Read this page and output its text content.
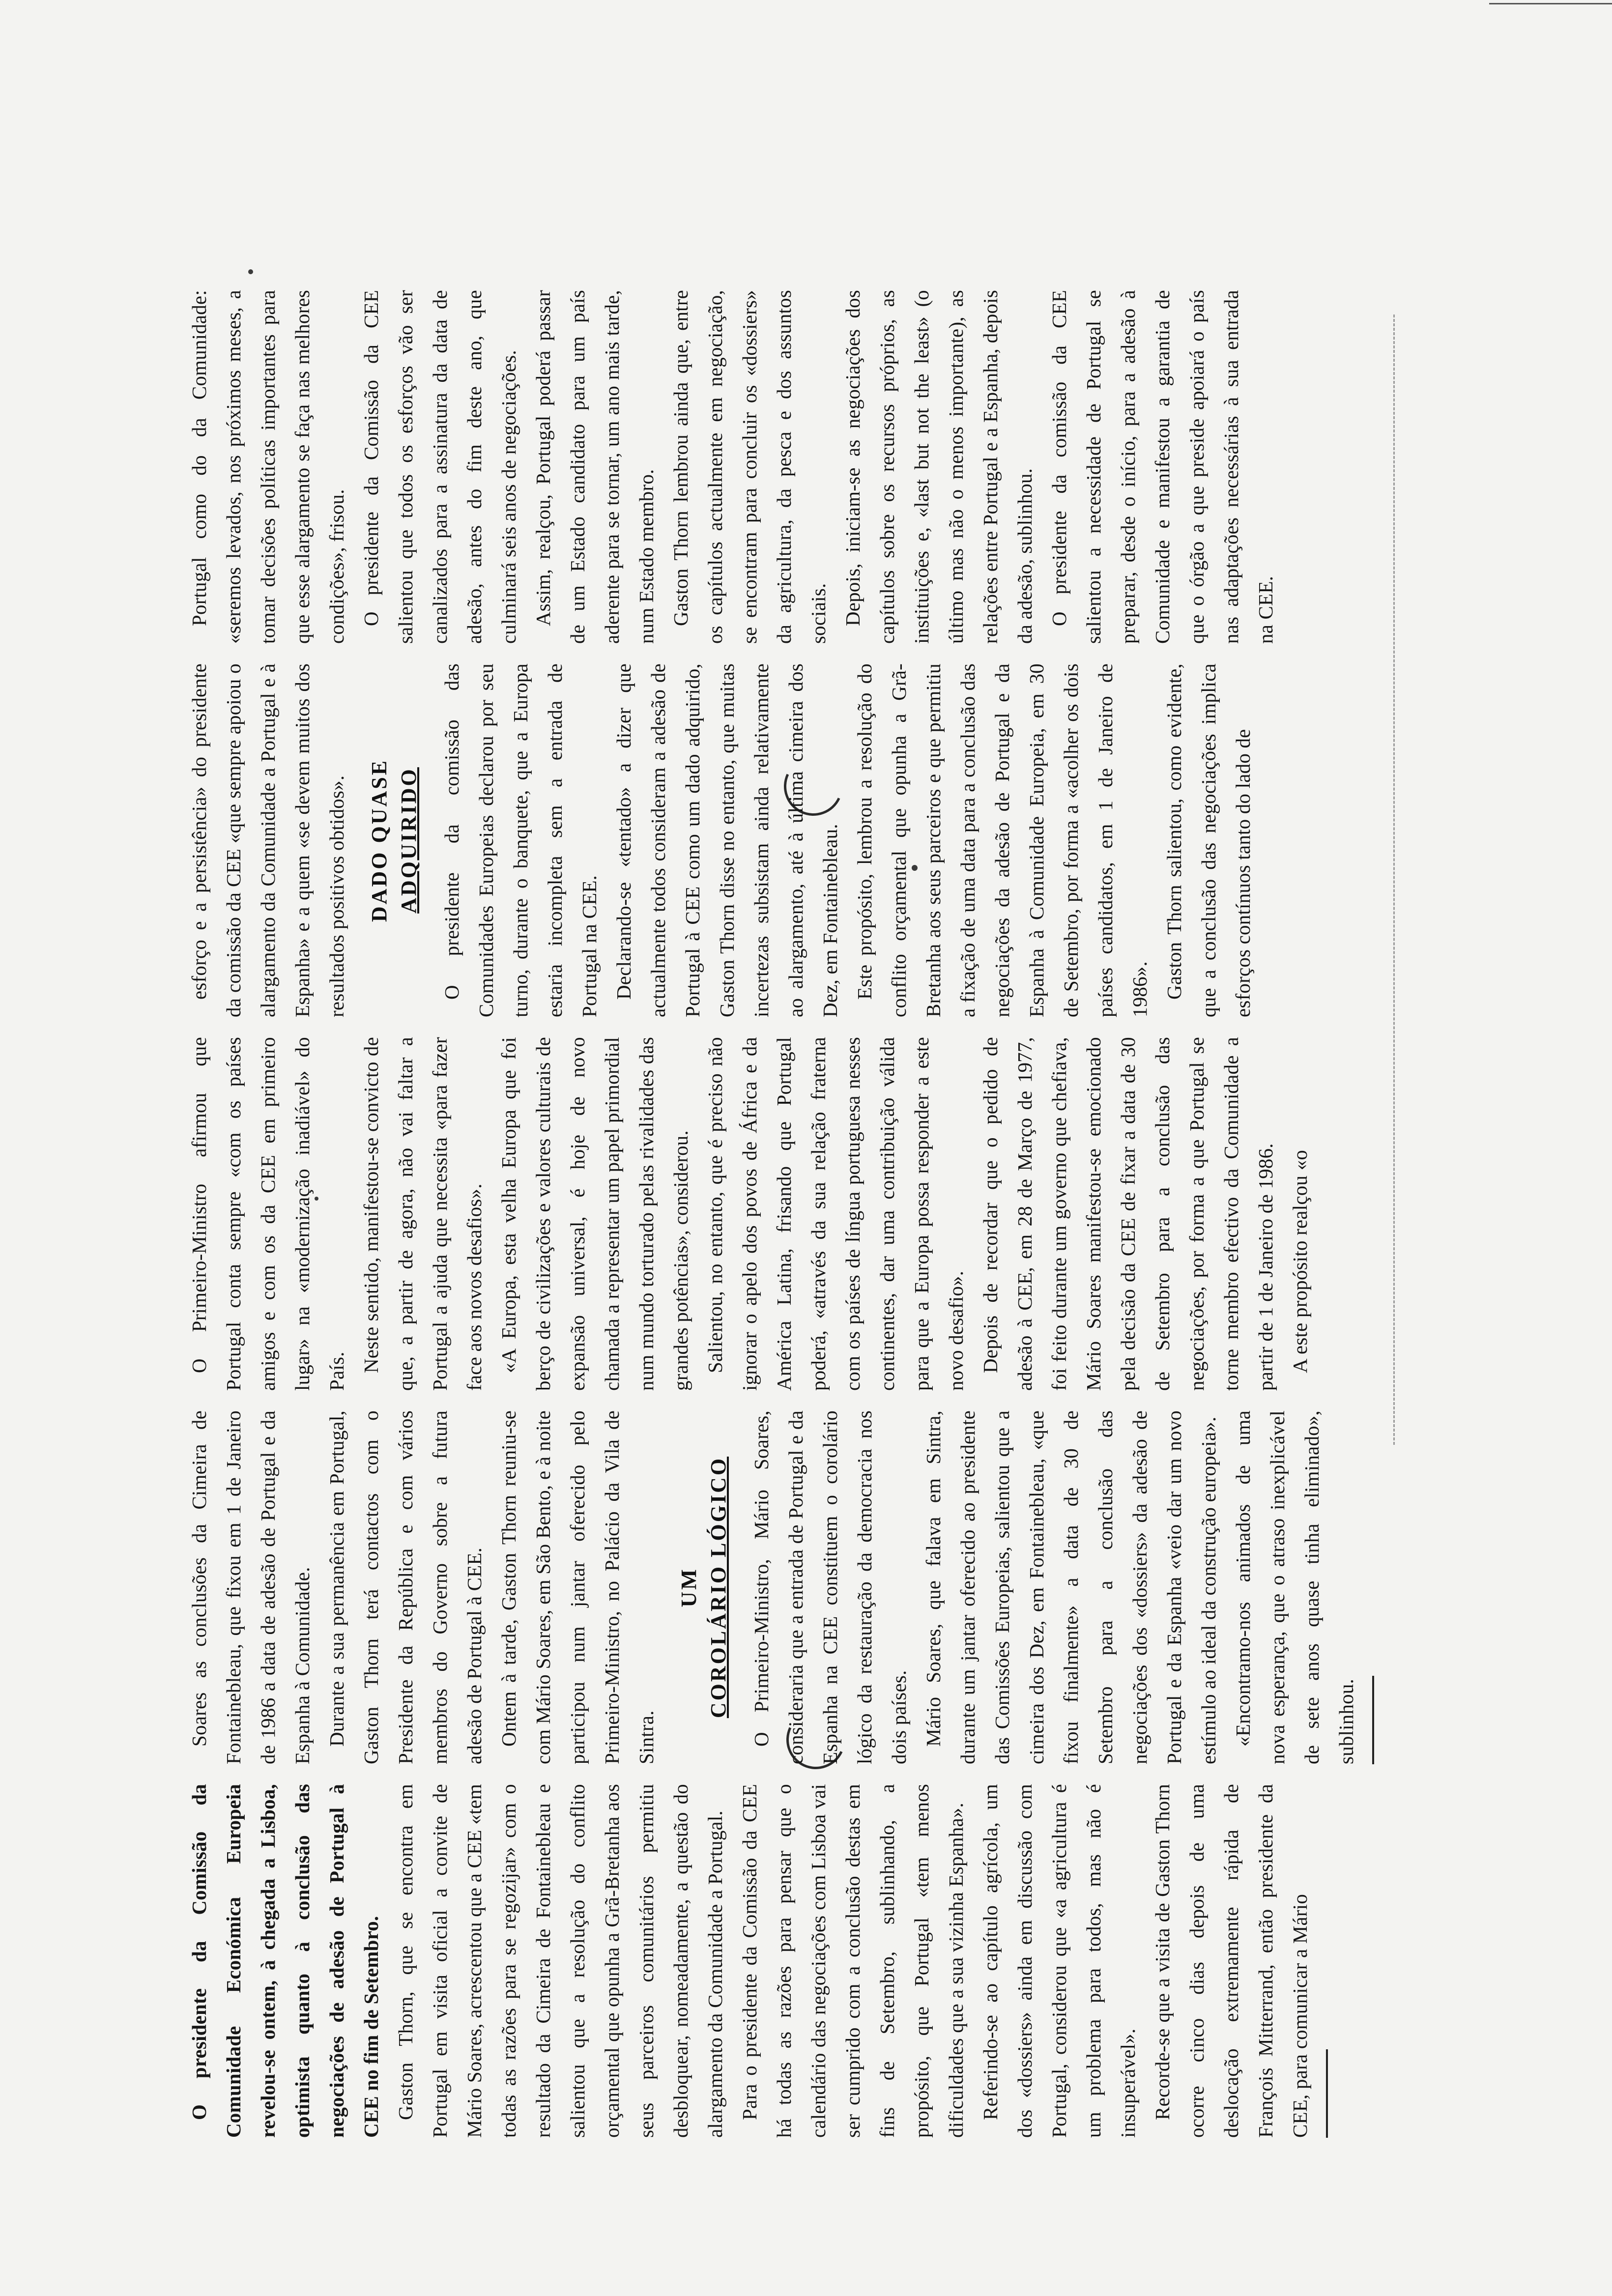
O presidente da Comissão da Comunidade Económica Europeia revelou-se ontem, à chegada a Lisboa, optimista quanto à conclusão das negociações de adesão de Portugal à CEE no fim de Setembro. Gaston Thorn, que se encontra em Portugal em visita oficial a convite de Mário Soares, acrescentou que a CEE «tem todas as razões para se regozijar» com o resultado da Cimeira de Fontainebleau e salientou que a resolução do conflito orçamental que opunha a Grã-Bretanha aos seus parceiros comunitários permitiu desbloquear, nomeadamente, a questão do alargamento da Comunidade a Portugal. Para o presidente da Comissão da CEE há todas as razões para pensar que o calendário das negociações com Lisboa vai ser cumprido com a conclusão destas em fins de Setembro, sublinhando, a propósito, que Portugal «tem menos dificuldades que a sua vizinha Espanha». Referindo-se ao capítulo agrícola, um dos «dossiers» ainda em discussão com Portugal, considerou que «a agricultura é um problema para todos, mas não é insuperável». Recorde-se que a visita de Gaston Thorn ocorre cinco dias depois de uma deslocação extremamente rápida de François Mitterrand, então presidente da CEE, para comunicar a Mário

Soares as conclusões da Cimeira de Fontainebleau, que fixou em 1 de Janeiro de 1986 a data de adesão de Portugal e da Espanha à Comunidade. Durante a sua permanência em Portugal, Gaston Thorn terá contactos com o Presidente da República e com vários membros do Governo sobre a futura adesão de Portugal à CEE. Ontem à tarde, Gaston Thorn reuniu-se com Mário Soares, em São Bento, e à noite participou num jantar oferecido pelo Primeiro-Ministro, no Palácio da Vila de Sintra.

UM COROLÁRIO LÓGICO O Primeiro-Ministro, Mário Soares, consideraria que a entrada de Portugal e da Espanha na CEE constituem o corolário lógico da restauração da democracia nos dois países. Mário Soares, que falava em Sintra, durante um jantar oferecido ao presidente das Comissões Europeias, salientou que a cimeira dos Dez, em Fontainebleau, «que fixou finalmente» a data de 30 de Setembro para a conclusão das negociações dos «dossiers» da adesão de Portugal e da Espanha «veio dar um novo estímulo ao ideal da construção europeia». «Encontramo-nos animados de uma nova esperança, que o atraso inexplicável de sete anos quase tinha eliminado», sublinhou.

O Primeiro-Ministro afirmou que Portugal conta sempre «com os países amigos e com os da CEE em primeiro lugar» na «modernização inadiável» do País. Neste sentido, manifestou-se convicto de que, a partir de agora, não vai faltar a Portugal a ajuda que necessita «para fazer face aos novos desafios». «A Europa, esta velha Europa que foi berço de civilizações e valores culturais de expansão universal, é hoje de novo chamada a representar um papel primordial num mundo torturado pelas rivalidades das grandes potências», considerou. Salientou, no entanto, que é preciso não ignorar o apelo dos povos de África e da América Latina, frisando que Portugal poderá, «através da sua relação fraterna com os países de língua portuguesa nesses continentes, dar uma contribuição válida para que a Europa possa responder a este novo desafio». Depois de recordar que o pedido de adesão à CEE, em 28 de Março de 1977, foi feito durante um governo que chefiava, Mário Soares manifestou-se emocionado pela decisão da CEE de fixar a data de 30 de Setembro para a conclusão das negociações, por forma a que Portugal se torne membro efectivo da Comunidade a partir de 1 de Janeiro de 1986. A este propósito realçou «o

esforço e a persistência» do presidente da comissão da CEE «que sempre apoiou o alargamento da Comunidade a Portugal e à Espanha» e a quem «se devem muitos dos resultados positivos obtidos». DADO QUASE ADQUIRIDO O presidente da comissão das Comunidades Europeias declarou por seu turno, durante o banquete, que a Europa estaria incompleta sem a entrada de Portugal na CEE. Declarando-se «tentado» a dizer que actualmente todos consideram a adesão de Portugal à CEE como um dado adquirido, Gaston Thorn disse no entanto, que muitas incertezas subsistam ainda relativamente ao alargamento, até à última cimeira dos Dez, em Fontainebleau. Este propósito, lembrou a resolução do conflito orçamental que opunha a Grã-Bretanha aos seus parceiros e que permitiu a fixação de uma data para a conclusão das negociações da adesão de Portugal e da Espanha à Comunidade Europeia, em 30 de Setembro, por forma a «acolher os dois países candidatos, em 1 de Janeiro de 1986». Gaston Thorn salientou, como evidente, que a conclusão das negociações implica esforços contínuos tanto do lado de

Portugal como do da Comunidade: «seremos levados, nos próximos meses, a tomar decisões políticas importantes para que esse alargamento se faça nas melhores condições», frisou. O presidente da Comissão da CEE salientou que todos os esforços vão ser canalizados para a assinatura da data de adesão, antes do fim deste ano, que culminará seis anos de negociações. Assim, realçou, Portugal poderá passar de um Estado candidato para um país aderente para se tornar, um ano mais tarde, num Estado membro. Gaston Thorn lembrou ainda que, entre os capítulos actualmente em negociação, se encontram para concluir os «dossiers» da agricultura, da pesca e dos assuntos sociais. Depois, iniciam-se as negociações dos capítulos sobre os recursos próprios, as instituições e, «last but not the least» (o último mas não o menos importante), as relações entre Portugal e a Espanha, depois da adesão, sublinhou. O presidente da comissão da CEE salientou a necessidade de Portugal se preparar, desde o início, para a adesão à Comunidade e manifestou a garantia de que o órgão a que preside apoiará o país nas adaptações necessárias à sua entrada na CEE.
